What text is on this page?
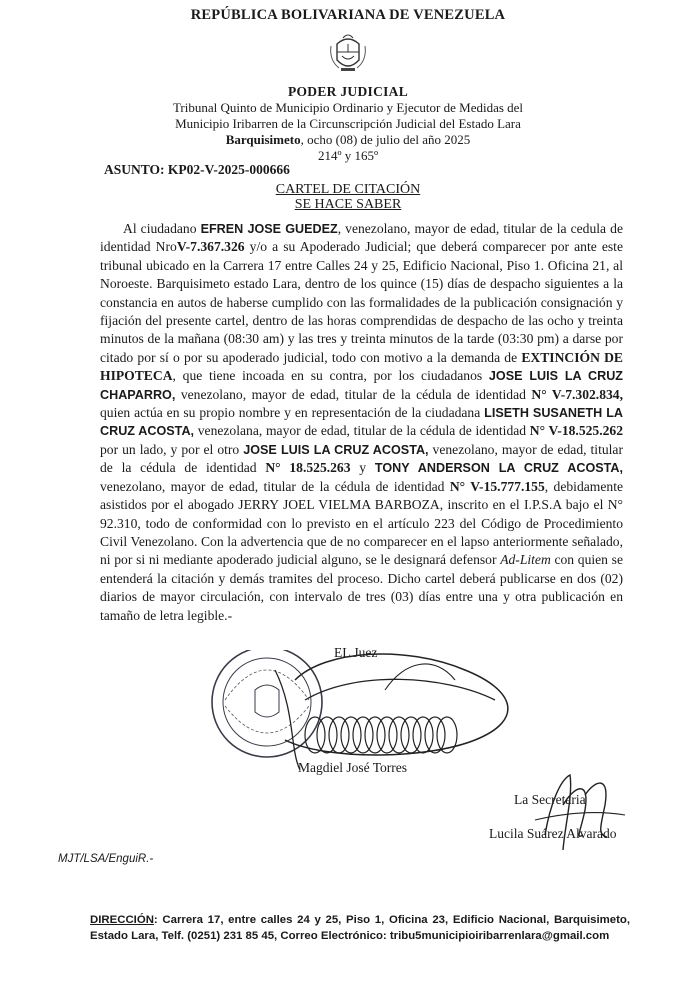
REPÚBLICA BOLIVARIANA DE VENEZUELA
PODER JUDICIAL
Tribunal Quinto de Municipio Ordinario y Ejecutor de Medidas del
Municipio Iribarren de la Circunscripción Judicial del Estado Lara
Barquisimeto, ocho (08) de julio del año 2025
214º y 165º
ASUNTO: KP02-V-2025-000666
CARTEL DE CITACIÓN
SE HACE SABER

Al ciudadano EFREN JOSE GUEDEZ, venezolano, mayor de edad, titular de la cedula de identidad NroV-7.367.326 y/o a su Apoderado Judicial; que deberá comparecer por ante este tribunal ubicado en la Carrera 17 entre Calles 24 y 25, Edificio Nacional, Piso 1. Oficina 21, al Noroeste. Barquisimeto estado Lara, dentro de los quince (15) días de despacho siguientes a la constancia en autos de haberse cumplido con las formalidades de la publicación consignación y fijación del presente cartel, dentro de las horas comprendidas de despacho de las ocho y treinta minutos de la mañana (08:30 am) y las tres y treinta minutos de la tarde (03:30 pm) a darse por citado por sí o por su apoderado judicial, todo con motivo a la demanda de EXTINCIÓN DE HIPOTECA, que tiene incoada en su contra, por los ciudadanos JOSE LUIS LA CRUZ CHAPARRO, venezolano, mayor de edad, titular de la cédula de identidad N° V-7.302.834, quien actúa en su propio nombre y en representación de la ciudadana LISETH SUSANETH LA CRUZ ACOSTA, venezolana, mayor de edad, titular de la cédula de identidad N° V-18.525.262 por un lado, y por el otro JOSE LUIS LA CRUZ ACOSTA, venezolano, mayor de edad, titular de la cédula de identidad N° 18.525.263 y TONY ANDERSON LA CRUZ ACOSTA, venezolano, mayor de edad, titular de la cédula de identidad N° V-15.777.155, debidamente asistidos por el abogado JERRY JOEL VIELMA BARBOZA, inscrito en el I.P.S.A bajo el N° 92.310, todo de conformidad con lo previsto en el artículo 223 del Código de Procedimiento Civil Venezolano. Con la advertencia que de no comparecer en el lapso anteriormente señalado, ni por si ni mediante apoderado judicial alguno, se le designará defensor Ad-Litem con quien se entenderá la citación y demás tramites del proceso. Dicho cartel deberá publicarse en dos (02) diarios de mayor circulación, con intervalo de tres (03) días entre una y otra publicación en tamaño de letra legible.-

EL Juez
Magdiel José Torres
La Secretaria
Lucila Suárez Alvarado
MJT/LSA/EnguiR.-
DIRECCIÓN: Carrera 17, entre calles 24 y 25, Piso 1, Oficina 23, Edificio Nacional, Barquisimeto, Estado Lara, Telf. (0251) 231 85 45, Correo Electrónico: tribu5municipioiribarrenlara@gmail.com
